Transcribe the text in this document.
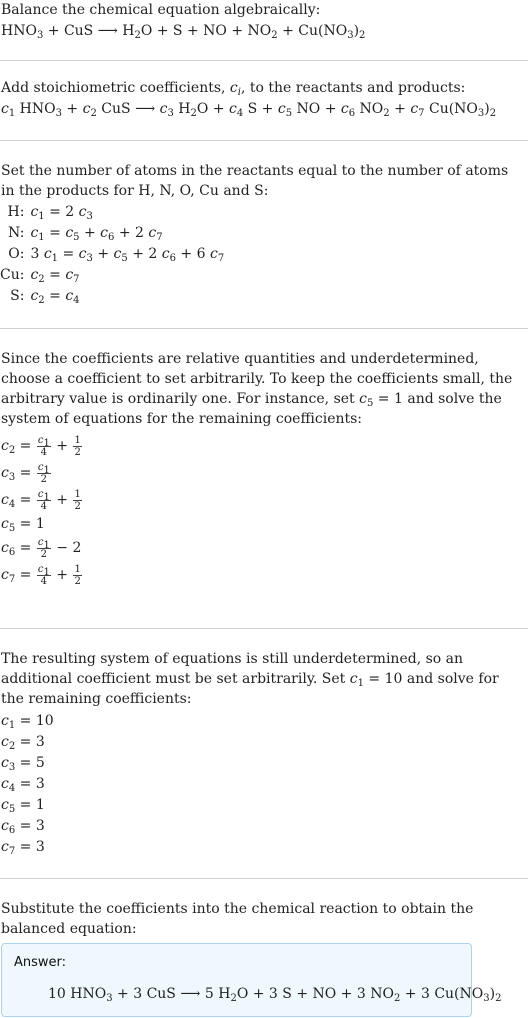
Balance the chemical equation algebraically:

$HNO_3$ + CuS ⟶ $H_2O + S$ + NO + $NO_2 + Cu(NO_3)_2$

Add stoichiometric coefficients, $c_i$, to the reactants and products:

$c_1$ $HNO_3 + c_2$ CuS ⟶ $c_3$ $H_2O + c_4$ $S + c_5$ NO + $c_6$ $NO_2 + c_7$ $Cu(NO_3)_2$

Set the number of atoms in the reactants equal to the number of atoms in the products for H, N, O, Cu and S:

H:	$c_1 = 2$ $c_3$
N:	$c_1 = c_5 + c_6 + 2$ $c_7$
O:	3 $c_1 = c_3 + c_5 + 2$ $c_6 + 6$ $c_7$
Cu:	$c_2 = c_7$
S:	$c_2 = c_4$

Since the coefficients are relative quantities and underdetermined, choose a coefficient to set arbitrarily. To keep the coefficients small, the arbitrary value is ordinarily one. For instance, set $c_5 = 1$ and solve the system of equations for the remaining coefficients:

$c_2 = \frac{c_1}{4} + \frac{1}{2}$
$c_3 = \frac{c_1}{2}$
$c_4 = \frac{c_1}{4} + \frac{1}{2}$
$c_5 = 1$
$c_6 = \frac{c_1}{2} - 2$
$c_7 = \frac{c_1}{4} + \frac{1}{2}$

The resulting system of equations is still underdetermined, so an additional coefficient must be set arbitrarily. Set $c_1 = 10$ and solve for the remaining coefficients:

$c_1 = 10$
$c_2 = 3$
$c_3 = 5$
$c_4 = 3$
$c_5 = 1$
$c_6 = 3$
$c_7 = 3$

Substitute the coefficients into the chemical reaction to obtain the balanced equation:

Answer:
10 $HNO_3 + 3$ CuS ⟶ 5 $H_2O + 3$ S + NO + 3 $NO_2 + 3$ $Cu(NO_3)_2$
